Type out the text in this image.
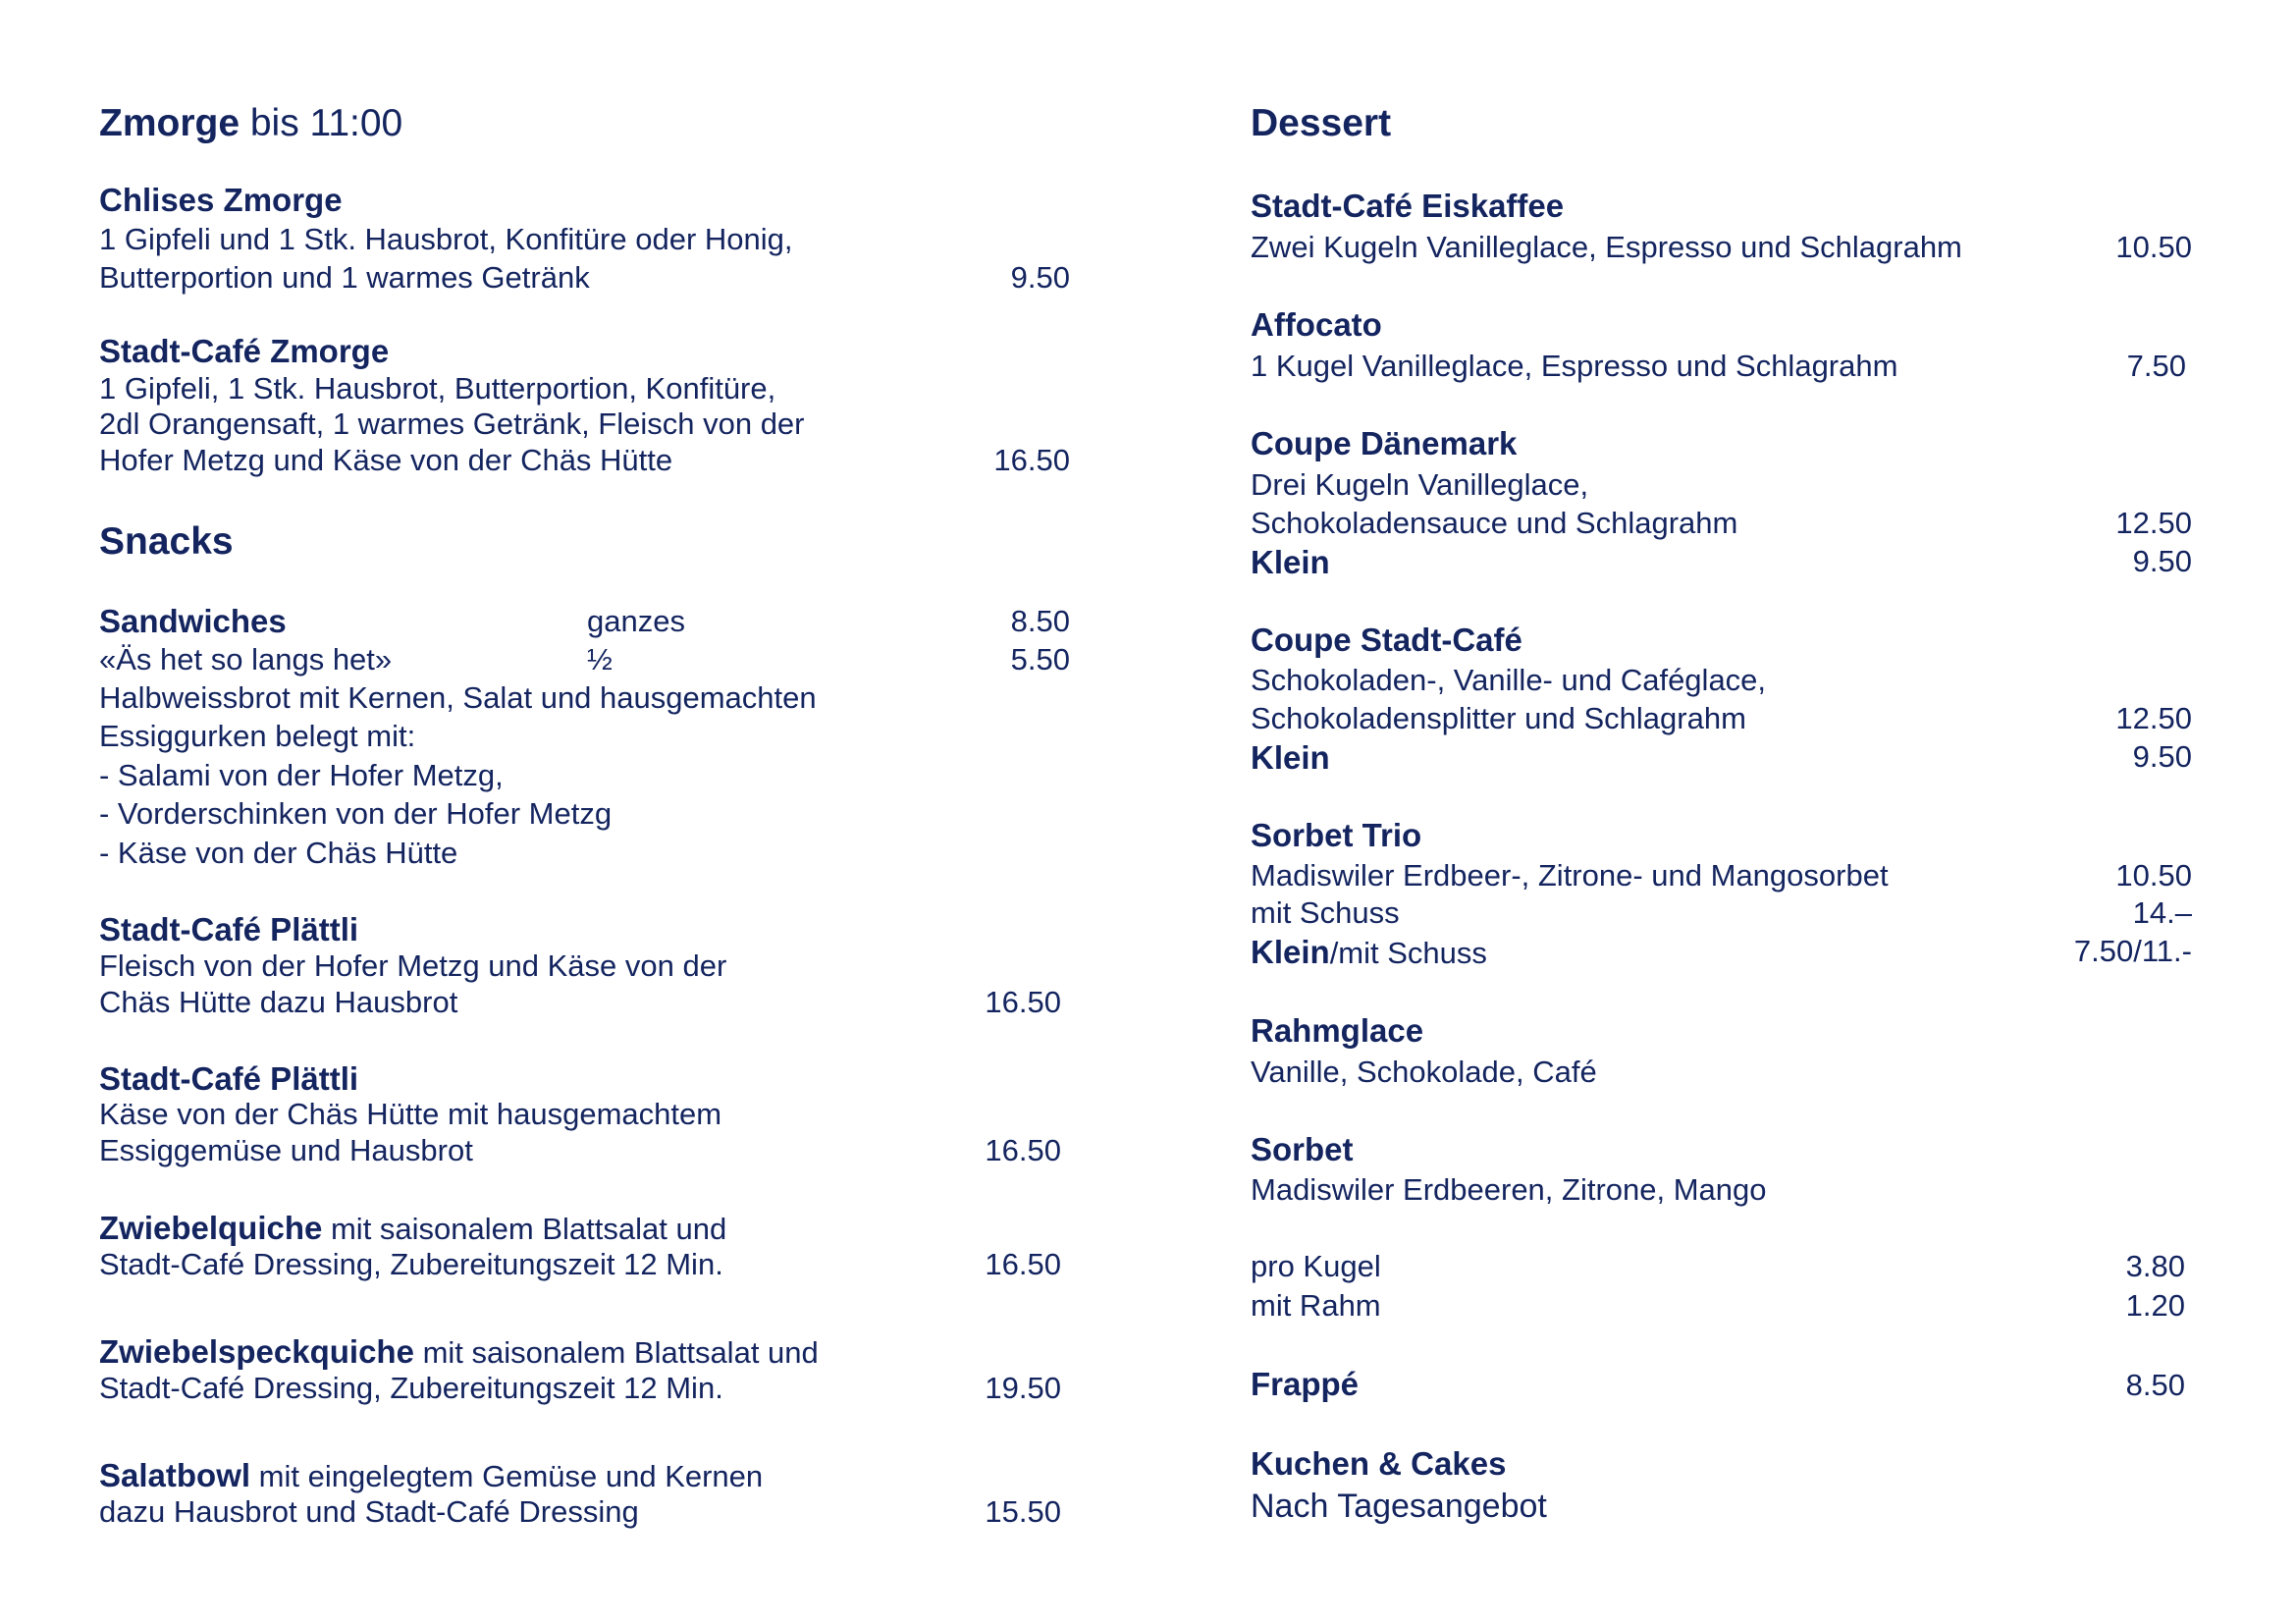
Zmorge bis 11:00
Chlises Zmorge
1 Gipfeli und 1 Stk. Hausbrot, Konfitüre oder Honig,
Butterportion und 1 warmes Getränk	9.50
Stadt-Café Zmorge
1 Gipfeli, 1 Stk. Hausbrot, Butterportion, Konfitüre,
2dl Orangensaft, 1 warmes Getränk, Fleisch von der
Hofer Metzg und Käse von der Chäs Hütte	16.50
Snacks
Sandwiches	ganzes	8.50
«Äs het so langs het»	½	5.50
Halbweissbrot mit Kernen, Salat und hausgemachten
Essiggurken belegt mit:
- Salami von der Hofer Metzg,
- Vorderschinken von der Hofer Metzg
- Käse von der Chäs Hütte
Stadt-Café Plättli
Fleisch von der Hofer Metzg und Käse von der
Chäs Hütte dazu Hausbrot	16.50
Stadt-Café Plättli
Käse von der Chäs Hütte mit hausgemachtem
Essiggemüse und Hausbrot	16.50
Zwiebelquiche mit saisonalem Blattsalat und
Stadt-Café Dressing, Zubereitungszeit 12 Min.	16.50
Zwiebelspeckquiche mit saisonalem Blattsalat und
Stadt-Café Dressing, Zubereitungszeit 12 Min.	19.50
Salatbowl mit eingelegtem Gemüse und Kernen
dazu Hausbrot und Stadt-Café Dressing	15.50
Dessert
Stadt-Café Eiskaffee
Zwei Kugeln Vanilleglace, Espresso und Schlagrahm	10.50
Affocato
1 Kugel Vanilleglace, Espresso und Schlagrahm	7.50
Coupe Dänemark
Drei Kugeln Vanilleglace,
Schokoladensauce und Schlagrahm	12.50
Klein	9.50
Coupe Stadt-Café
Schokoladen-, Vanille- und Caféglace,
Schokoladensplitter und Schlagrahm	12.50
Klein	9.50
Sorbet Trio
Madiswiler Erdbeer-, Zitrone- und Mangosorbet	10.50
mit Schuss	14.–
Klein/mit Schuss	7.50/11.-
Rahmglace
Vanille, Schokolade, Café
Sorbet
Madiswiler Erdbeeren, Zitrone, Mango
pro Kugel	3.80
mit Rahm	1.20
Frappé	8.50
Kuchen & Cakes
Nach Tagesangebot
